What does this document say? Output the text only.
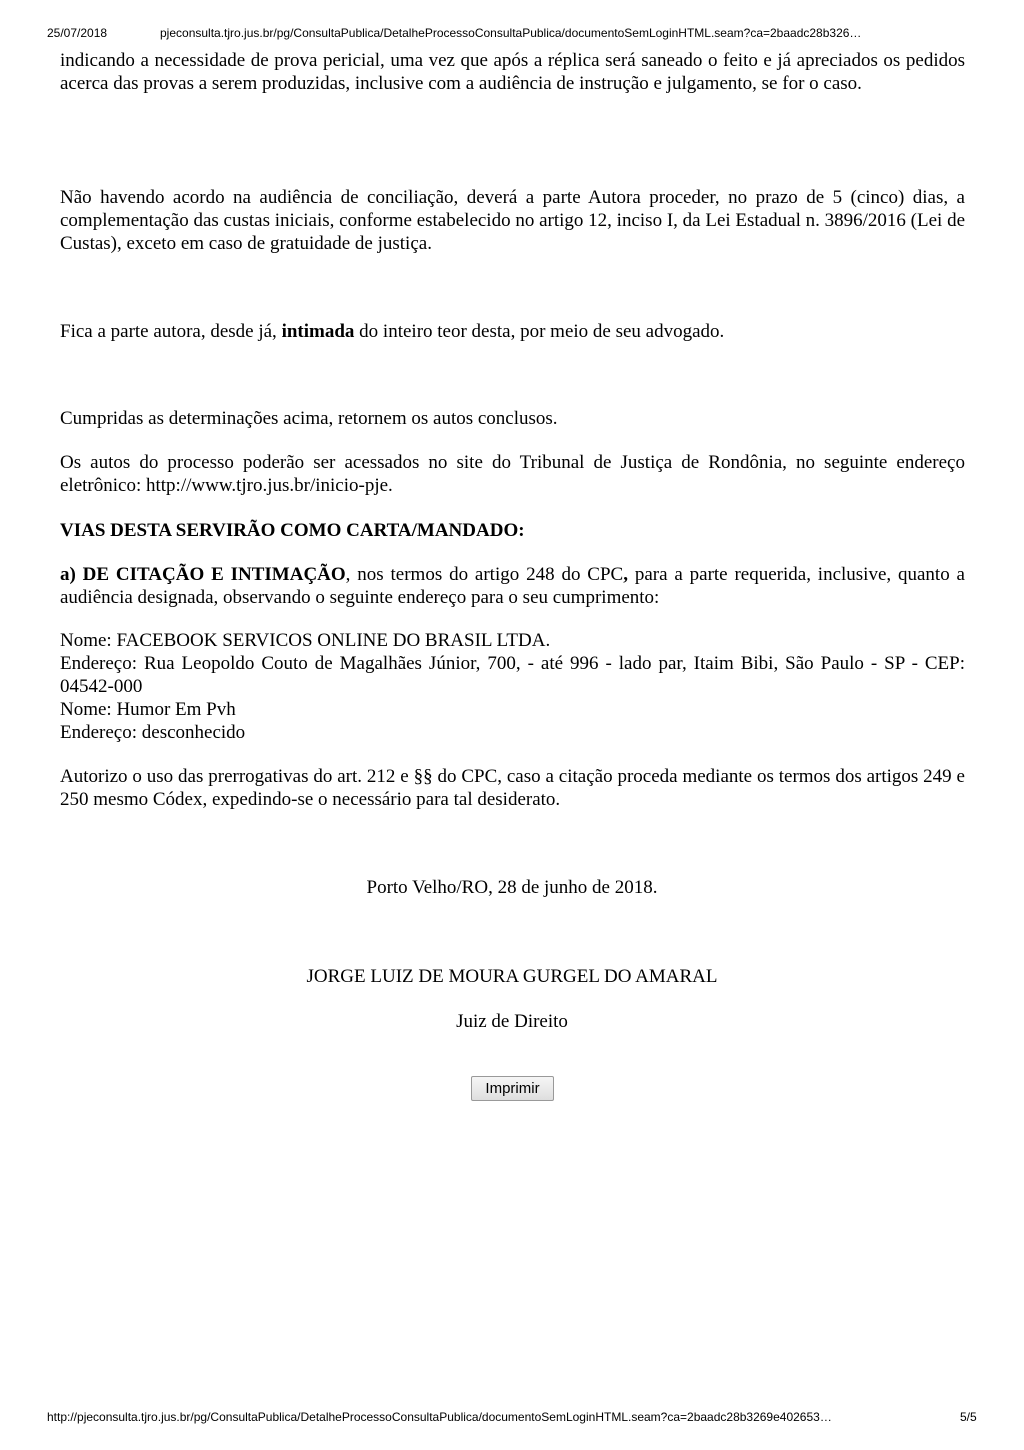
25/07/2018	pjeconsulta.tjro.jus.br/pg/ConsultaPublica/DetalheProcessoConsultaPublica/documentoSemLoginHTML.seam?ca=2baadc28b326…

indicando a necessidade de prova pericial, uma vez que após a réplica será saneado o feito e já apreciados os pedidos acerca das provas a serem produzidas, inclusive com a audiência de instrução e julgamento, se for o caso.

Não havendo acordo na audiência de conciliação, deverá a parte Autora proceder, no prazo de 5 (cinco) dias, a complementação das custas iniciais, conforme estabelecido no artigo 12, inciso I, da Lei Estadual n. 3896/2016 (Lei de Custas), exceto em caso de gratuidade de justiça.

Fica a parte autora, desde já, intimada do inteiro teor desta, por meio de seu advogado.

Cumpridas as determinações acima, retornem os autos conclusos.

Os autos do processo poderão ser acessados no site do Tribunal de Justiça de Rondônia, no seguinte endereço eletrônico: http://www.tjro.jus.br/inicio-pje.

VIAS DESTA SERVIRÃO COMO CARTA/MANDADO:

a) DE CITAÇÃO E INTIMAÇÃO, nos termos do artigo 248 do CPC, para a parte requerida, inclusive, quanto a audiência designada, observando o seguinte endereço para o seu cumprimento:

Nome: FACEBOOK SERVICOS ONLINE DO BRASIL LTDA.
Endereço: Rua Leopoldo Couto de Magalhães Júnior, 700, - até 996 - lado par, Itaim Bibi, São Paulo - SP - CEP: 04542-000
Nome: Humor Em Pvh
Endereço: desconhecido

Autorizo o uso das prerrogativas do art. 212 e §§ do CPC, caso a citação proceda mediante os termos dos artigos 249 e 250 mesmo Códex, expedindo-se o necessário para tal desiderato.

Porto Velho/RO, 28 de junho de 2018.
JORGE LUIZ DE MOURA GURGEL DO AMARAL
Juiz de Direito
Imprimir
http://pjeconsulta.tjro.jus.br/pg/ConsultaPublica/DetalheProcessoConsultaPublica/documentoSemLoginHTML.seam?ca=2baadc28b3269e402653…	5/5
